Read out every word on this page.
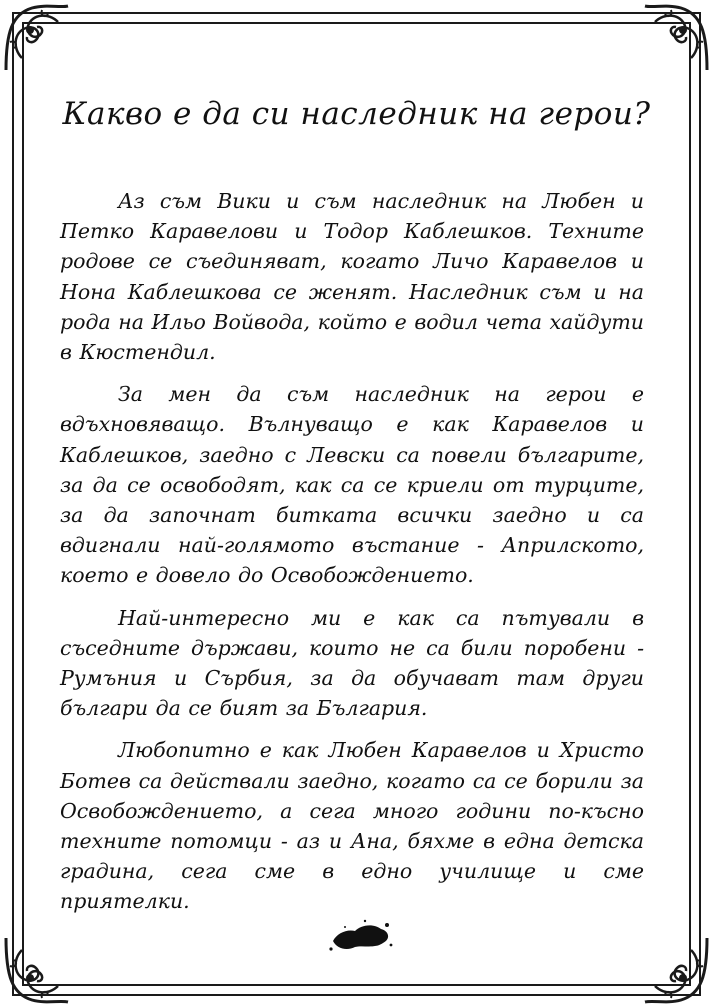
Какво е да си наследник на герои?

Аз съм Вики и съм наследник на Любен и Петко Каравелови и Тодор Каблешков. Техните родове се съединяват, когато Личо Каравелов и Нона Каблешкова се женят. Наследник съм и на рода на Ильо Войвода, който е водил чета хайдути в Кюстендил.

За мен да съм наследник на герои е вдъхновяващо. Вълнуващо е как Каравелов и Каблешков, заедно с Левски са повели българите, за да се освободят, как са се криели от турците, за да започнат битката всички заедно и са вдигнали най-голямото въстание - Априлското, което е довело до Освобождението.

Най-интересно ми е как са пътували в съседните държави, които не са били поробени - Румъния и Сърбия, за да обучават там други българи да се бият за България.

Любопитно е как Любен Каравелов и Христо Ботев са действали заедно, когато са се борили за Освобождението, а сега много години по-късно техните потомци - аз и Ана, бяхме в една детска градина, сега сме в едно училище и сме приятелки.
